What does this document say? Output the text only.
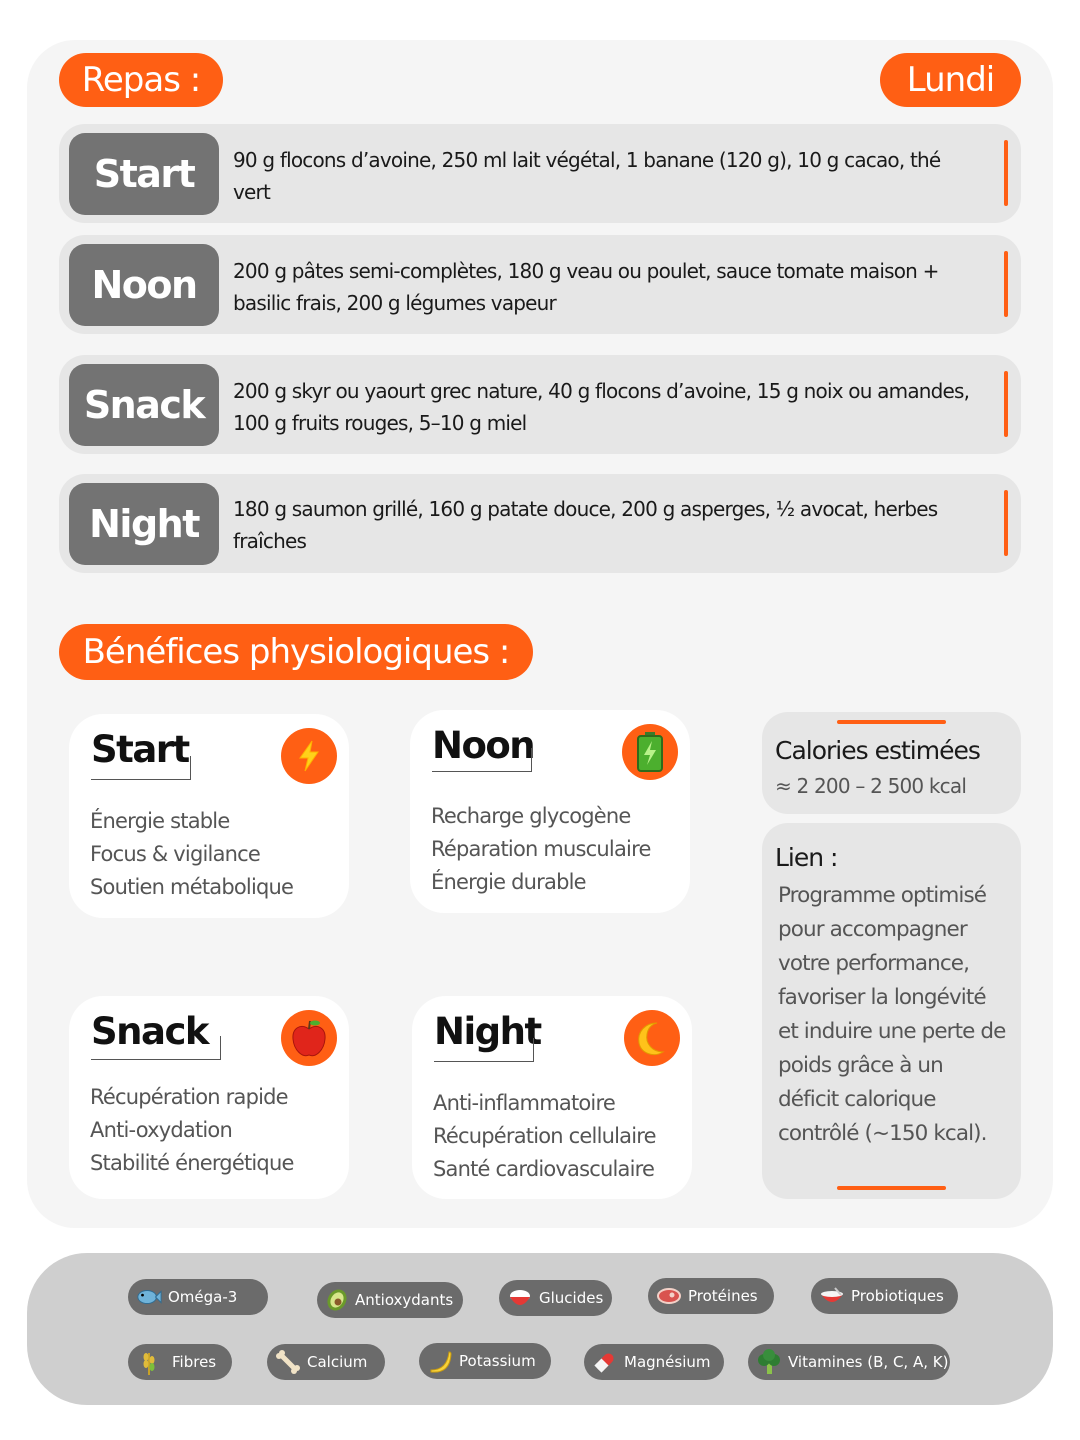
Repas :	Lundi
Start	90 g flocons d’avoine, 250 ml lait végétal, 1 banane (120 g), 10 g cacao, thé vert
Noon	200 g pâtes semi-complètes, 180 g veau ou poulet, sauce tomate maison + basilic frais, 200 g légumes vapeur
Snack	200 g skyr ou yaourt grec nature, 40 g flocons d’avoine, 15 g noix ou amandes, 100 g fruits rouges, 5–10 g miel
Night	180 g saumon grillé, 160 g patate douce, 200 g asperges, ½ avocat, herbes fraîches
Bénéfices physiologiques :
Start
Énergie stable
Focus & vigilance
Soutien métabolique
Noon
Recharge glycogène
Réparation musculaire
Énergie durable
Snack
Récupération rapide
Anti-oxydation
Stabilité énergétique
Night
Anti-inflammatoire
Récupération cellulaire
Santé cardiovasculaire
Calories estimées
≈ 2 200 – 2 500 kcal
Lien :
Programme optimisé
pour accompagner
votre performance,
favoriser la longévité
et induire une perte de
poids grâce à un
déficit calorique
contrôlé (~150 kcal).
Oméga-3	Antioxydants	Glucides	Protéines	Probiotiques
Fibres	Calcium	Potassium	Magnésium	Vitamines (B, C, A, K)
